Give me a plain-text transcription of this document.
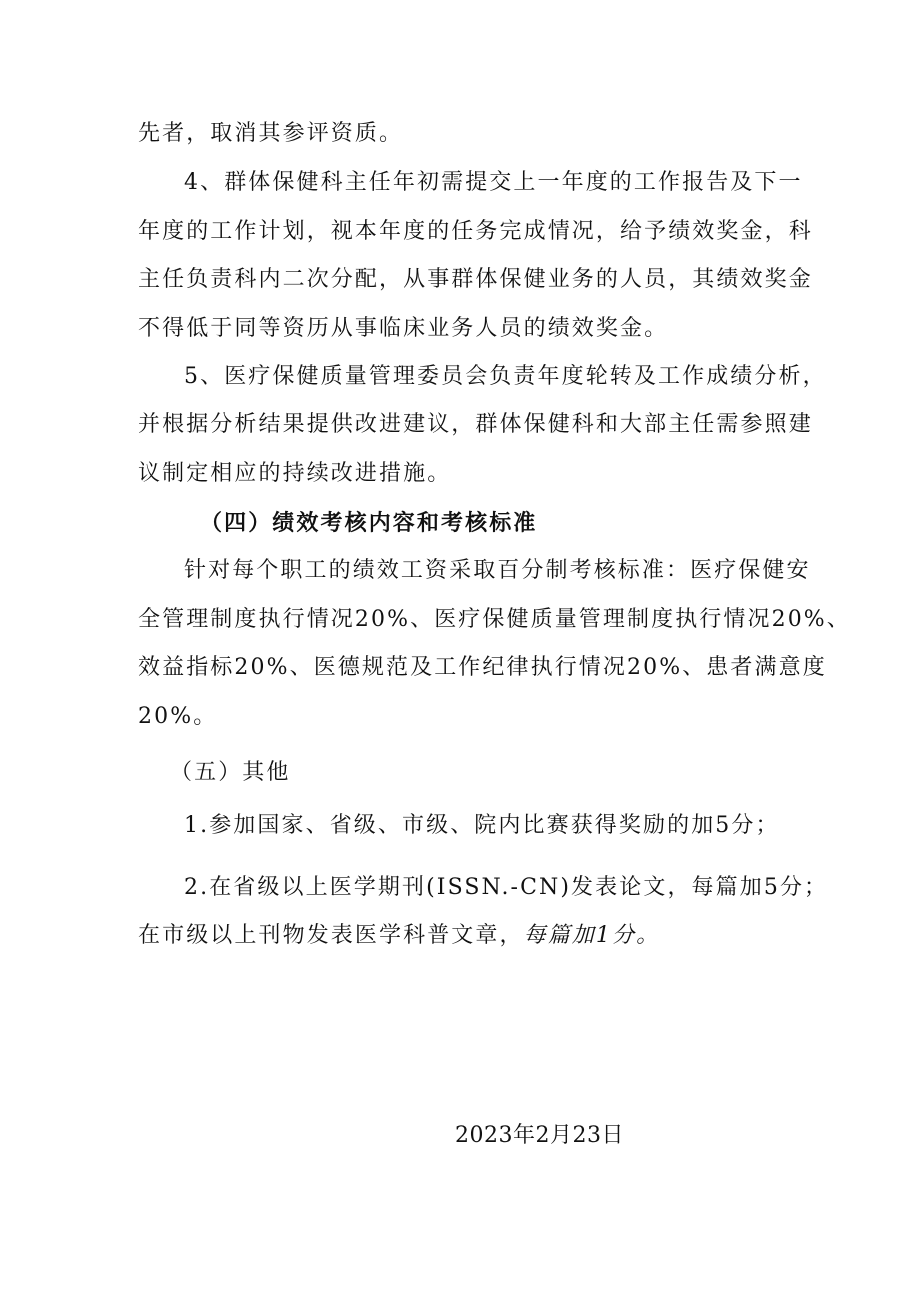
先者，取消其参评资质。
4、群体保健科主任年初需提交上一年度的工作报告及下一
年度的工作计划，视本年度的任务完成情况，给予绩效奖金，科
主任负责科内二次分配，从事群体保健业务的人员，其绩效奖金
不得低于同等资历从事临床业务人员的绩效奖金。
5、医疗保健质量管理委员会负责年度轮转及工作成绩分析，
并根据分析结果提供改进建议，群体保健科和大部主任需参照建
议制定相应的持续改进措施。
（四）绩效考核内容和考核标准
针对每个职工的绩效工资采取百分制考核标准：医疗保健安
全管理制度执行情况20%、医疗保健质量管理制度执行情况20%、
效益指标20%、医德规范及工作纪律执行情况20%、患者满意度
20%。
（五）其他
1.参加国家、省级、市级、院内比赛获得奖励的加5分；
2.在省级以上医学期刊(ISSN.-CN)发表论文，每篇加5分；
在市级以上刊物发表医学科普文章，每篇加1分。
2023年2月23日
